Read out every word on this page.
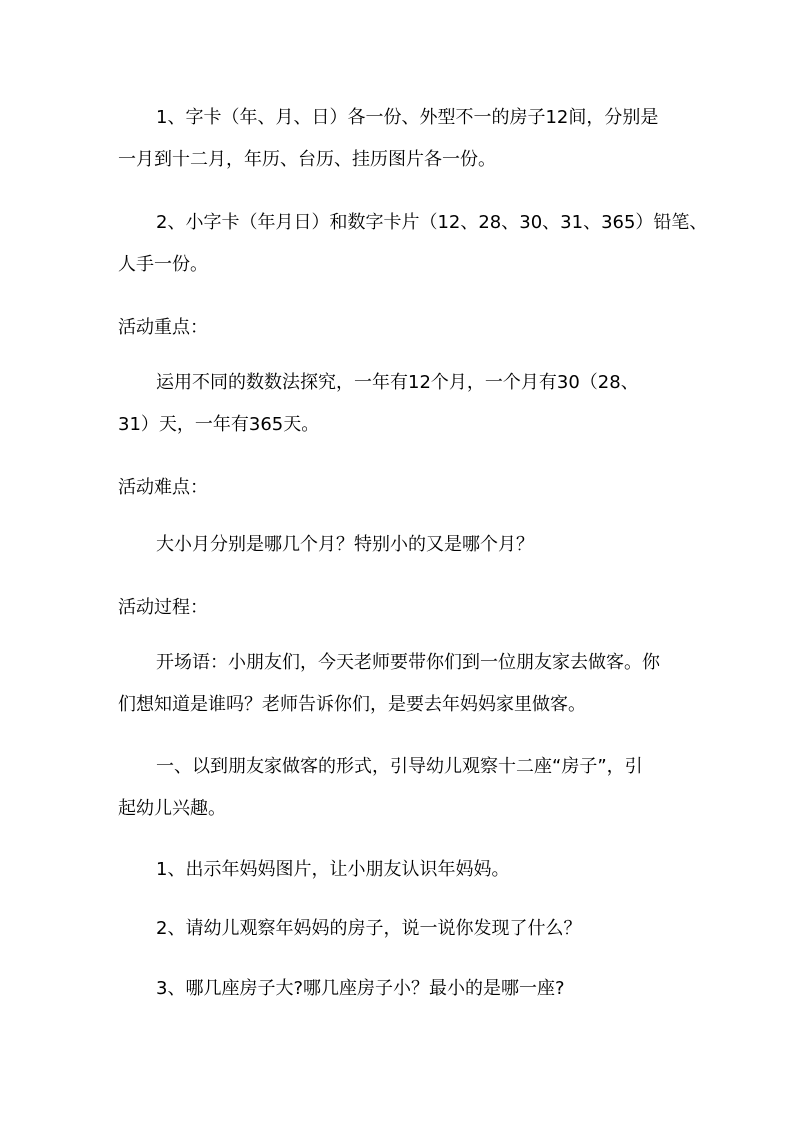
1、字卡（年、月、日）各一份、外型不一的房子12间，分别是
一月到十二月，年历、台历、挂历图片各一份。
2、小字卡（年月日）和数字卡片（12、28、30、31、365）铅笔、
人手一份。
活动重点：
运用不同的数数法探究，一年有12个月，一个月有30（28、
31）天，一年有365天。
活动难点：
大小月分别是哪几个月？特别小的又是哪个月？
活动过程：
开场语：小朋友们，今天老师要带你们到一位朋友家去做客。你
们想知道是谁吗？老师告诉你们，是要去年妈妈家里做客。
一、以到朋友家做客的形式，引导幼儿观察十二座“房子”，引
起幼儿兴趣。
1、出示年妈妈图片，让小朋友认识年妈妈。
2、请幼儿观察年妈妈的房子，说一说你发现了什么？
3、哪几座房子大?哪几座房子小？最小的是哪一座?
